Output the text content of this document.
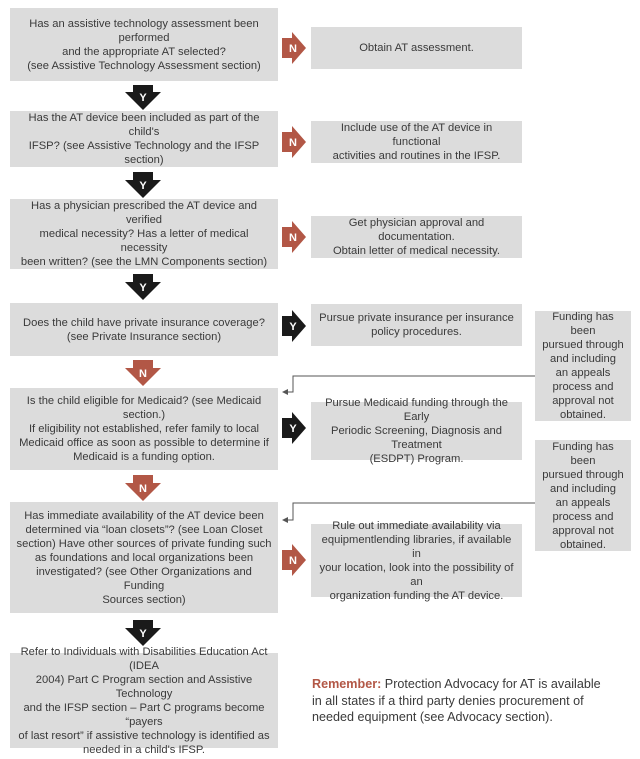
Has an assistive technology assessment been performed
and the appropriate AT selected?
(see Assistive Technology Assessment section)
Has the AT device been included as part of the child's
IFSP? (see Assistive Technology and the IFSP section)
Has a physician prescribed the AT device and verified
medical necessity? Has a letter of medical necessity
been written? (see the LMN Components section)
Does the child have private insurance coverage?
(see Private Insurance section)
Is the child eligible for Medicaid? (see Medicaid section.)
If eligibility not established, refer family to local
Medicaid office as soon as possible to determine if
Medicaid is a funding option.
Has immediate availability of the AT device been
determined via “loan closets”? (see Loan Closet
section) Have other sources of private funding such
as foundations and local organizations been
investigated? (see Other Organizations and Funding
Sources section)
Refer to Individuals with Disabilities Education Act (IDEA
2004) Part C Program section and Assistive Technology
and the IFSP section – Part C programs become “payers
of last resort” if assistive technology is identified as
needed in a child's IFSP.
Obtain AT assessment.
Include use of the AT device in functional
activities and routines in the IFSP.
Get physician approval and documentation.
Obtain letter of medical necessity.
Pursue private insurance per insurance
policy procedures.
Pursue Medicaid funding through the Early
Periodic Screening, Diagnosis and Treatment
(ESDPT) Program.
Rule out immediate availability via
equipmentlending libraries, if available in
your location, look into the possibility of an
organization funding the AT device.
Funding has been
pursued through
and including
an appeals
process and
approval not
obtained.
Funding has been
pursued through
and including
an appeals
process and
approval not
obtained.
Remember: Protection Advocacy for AT is available in all states if a third party denies procurement of needed equipment (see Advocacy section).
Y
Y
Y
N
N
Y
N
N
N
Y
Y
N
